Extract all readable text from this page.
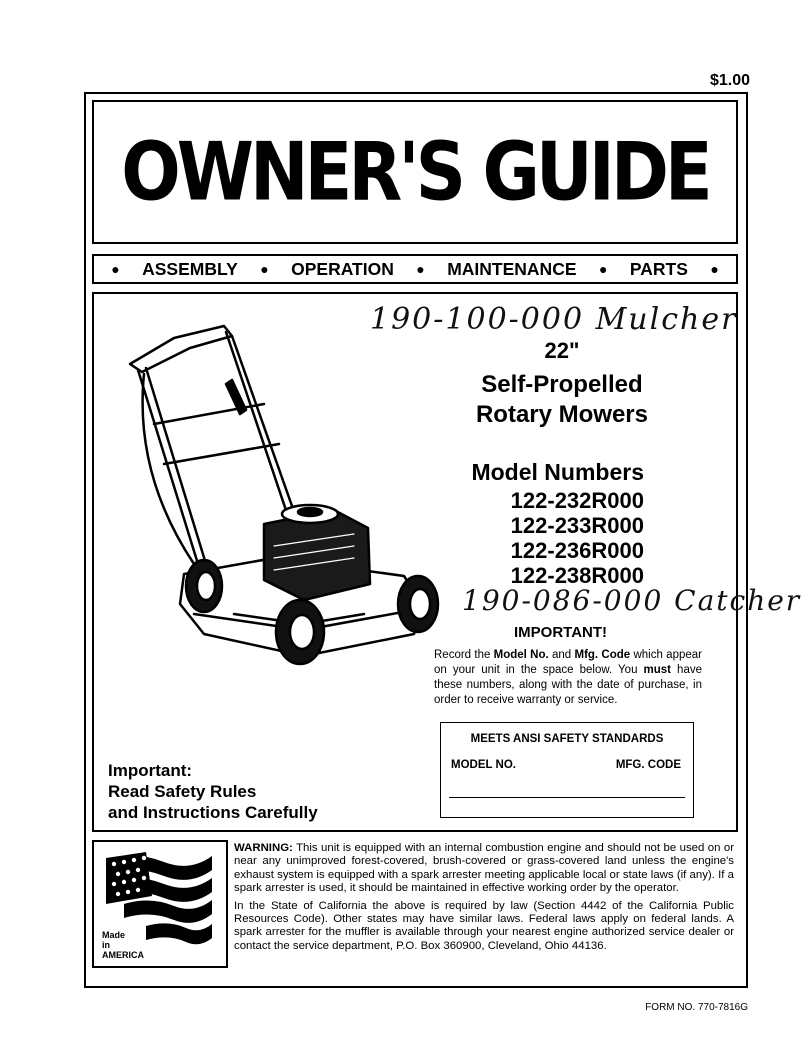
$1.00
OWNER'S GUIDE
● ASSEMBLY ● OPERATION ● MAINTENANCE ● PARTS ●
190-100-000 Mulcher
22"
Self-Propelled
Rotary Mowers
Model Numbers
122-232R000
122-233R000
122-236R000
122-238R000
190-086-000 Catcher
IMPORTANT!
Record the Model No. and Mfg. Code which appear on your unit in the space below. You must have these numbers, along with the date of purchase, in order to receive warranty or service.
MEETS ANSI SAFETY STANDARDS
MODEL NO.	MFG. CODE
Important:
Read Safety Rules
and Instructions Carefully
Made
in
AMERICA

WARNING: This unit is equipped with an internal combustion engine and should not be used on or near any unimproved forest-covered, brush-covered or grass-covered land unless the engine's exhaust system is equipped with a spark arrester meeting applicable local or state laws (if any). If a spark arrester is used, it should be maintained in effective working order by the operator.

In the State of California the above is required by law (Section 4442 of the California Public Resources Code). Other states may have similar laws. Federal laws apply on federal lands. A spark arrester for the muffler is available through your nearest engine authorized service dealer or contact the service department, P.O. Box 360900, Cleveland, Ohio 44136.

FORM NO. 770-7816G
